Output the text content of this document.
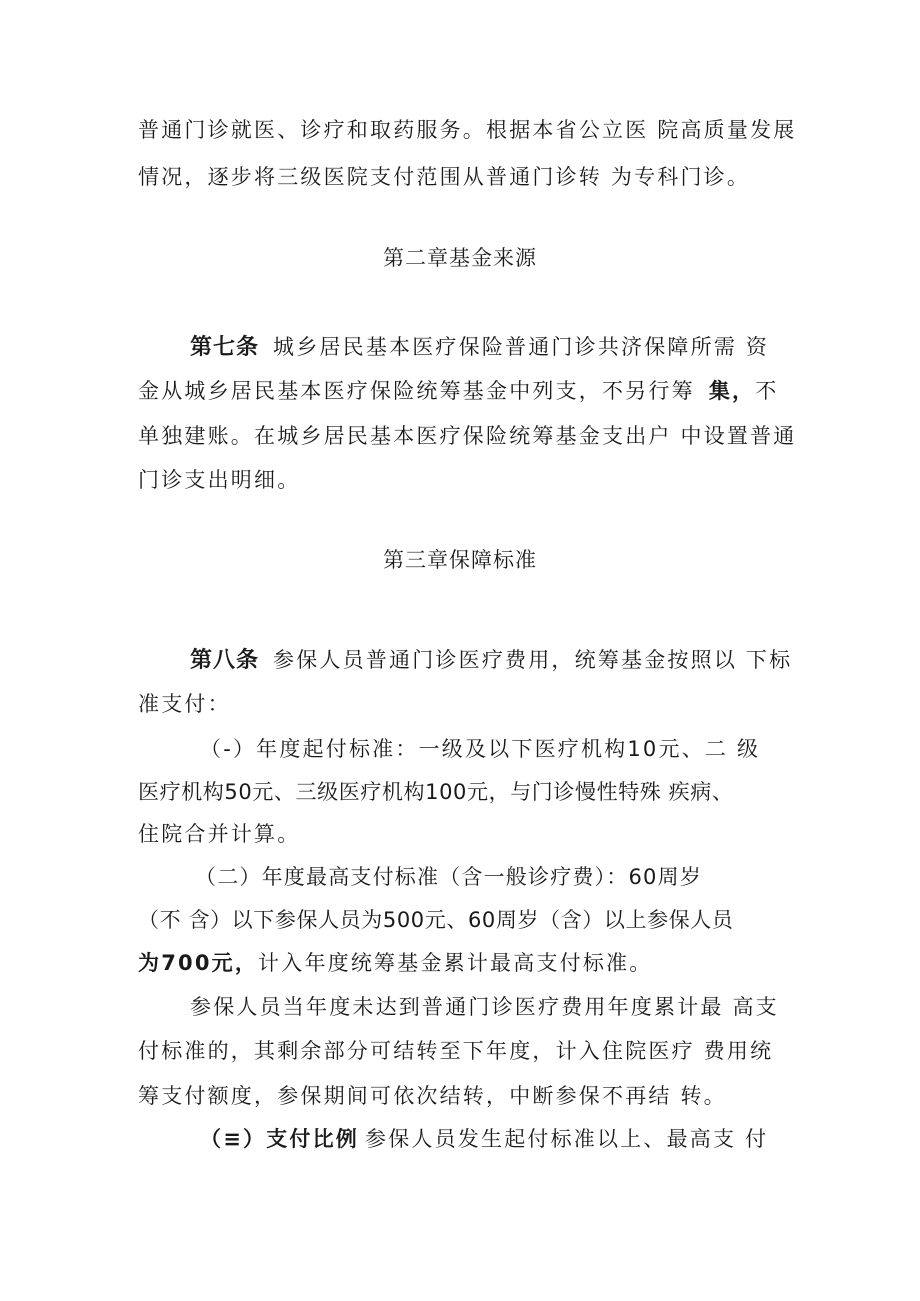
普通门诊就医、诊疗和取药服务。根据本省公立医 院高质量发展
情况，逐步将三级医院支付范围从普通门诊转 为专科门诊。
第二章基金来源
第七条 城乡居民基本医疗保险普通门诊共济保障所需 资
金从城乡居民基本医疗保险统筹基金中列支，不另行筹 集，不
单独建账。在城乡居民基本医疗保险统筹基金支出户 中设置普通
门诊支出明细。
第三章保障标准
第八条 参保人员普通门诊医疗费用，统筹基金按照以 下标
准支付：
（-）年度起付标准：一级及以下医疗机构10元、二 级
医疗机构50元、三级医疗机构100元，与门诊慢性特殊 疾病、
住院合并计算。
（二）年度最高支付标准（含一般诊疗费）：60周岁
（不 含）以下参保人员为500元、60周岁（含）以上参保人员
为700元，计入年度统筹基金累计最高支付标准。
参保人员当年度未达到普通门诊医疗费用年度累计最 高支
付标准的，其剩余部分可结转至下年度，计入住院医疗 费用统
筹支付额度，参保期间可依次结转，中断参保不再结 转。
（≡）支付比例 参保人员发生起付标准以上、最高支 付
